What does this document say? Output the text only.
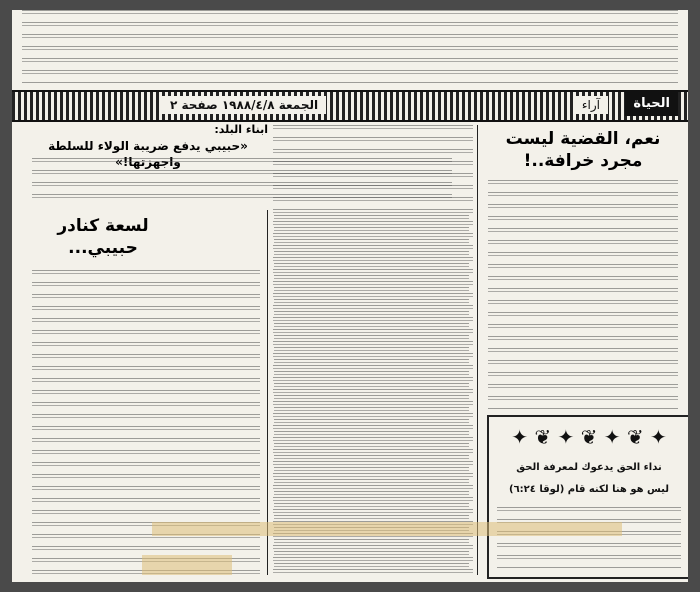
الحياة
آراء
الجمعة ١٩٨٨/٤/٨ صفحة ٢
نعم، القضية ليست مجرد خرافة..!
ابناء البلد:
«حبيبي يدفع ضريبة الولاء للسلطة واجهزتها!»
لسعة كنادر حبيبي...
✦ ❦ ✦ ❦ ✦ ❦ ✦
نداء الحق يدعوك لمعرفة الحق
ليس هو هنا لكنه قام (لوقا ٦:٢٤)
